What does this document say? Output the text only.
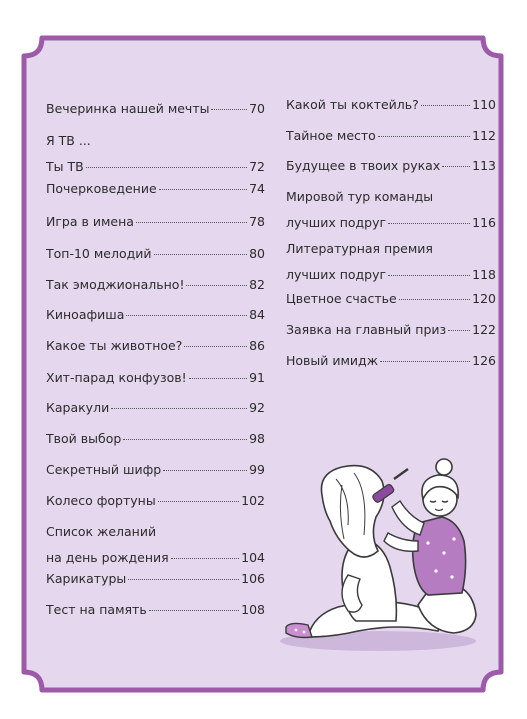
Вечеринка нашей мечты	70
Я ТВ ...
Ты ТВ	72
Почерковедение	74
Игра в имена	78
Топ-10 мелодий	80
Так эмоджионально!	82
Киноафиша	84
Какое ты животное?	86
Хит-парад конфузов!	91
Каракули	92
Твой выбор	98
Секретный шифр	99
Колесо фортуны	102
Список желаний
на день рождения	104
Карикатуры	106
Тест на память	108
Какой ты коктейль?	110
Тайное место	112
Будущее в твоих руках	113
Мировой тур команды
лучших подруг	116
Литературная премия
лучших подруг	118
Цветное счастье	120
Заявка на главный приз 122
Новый имидж	126
